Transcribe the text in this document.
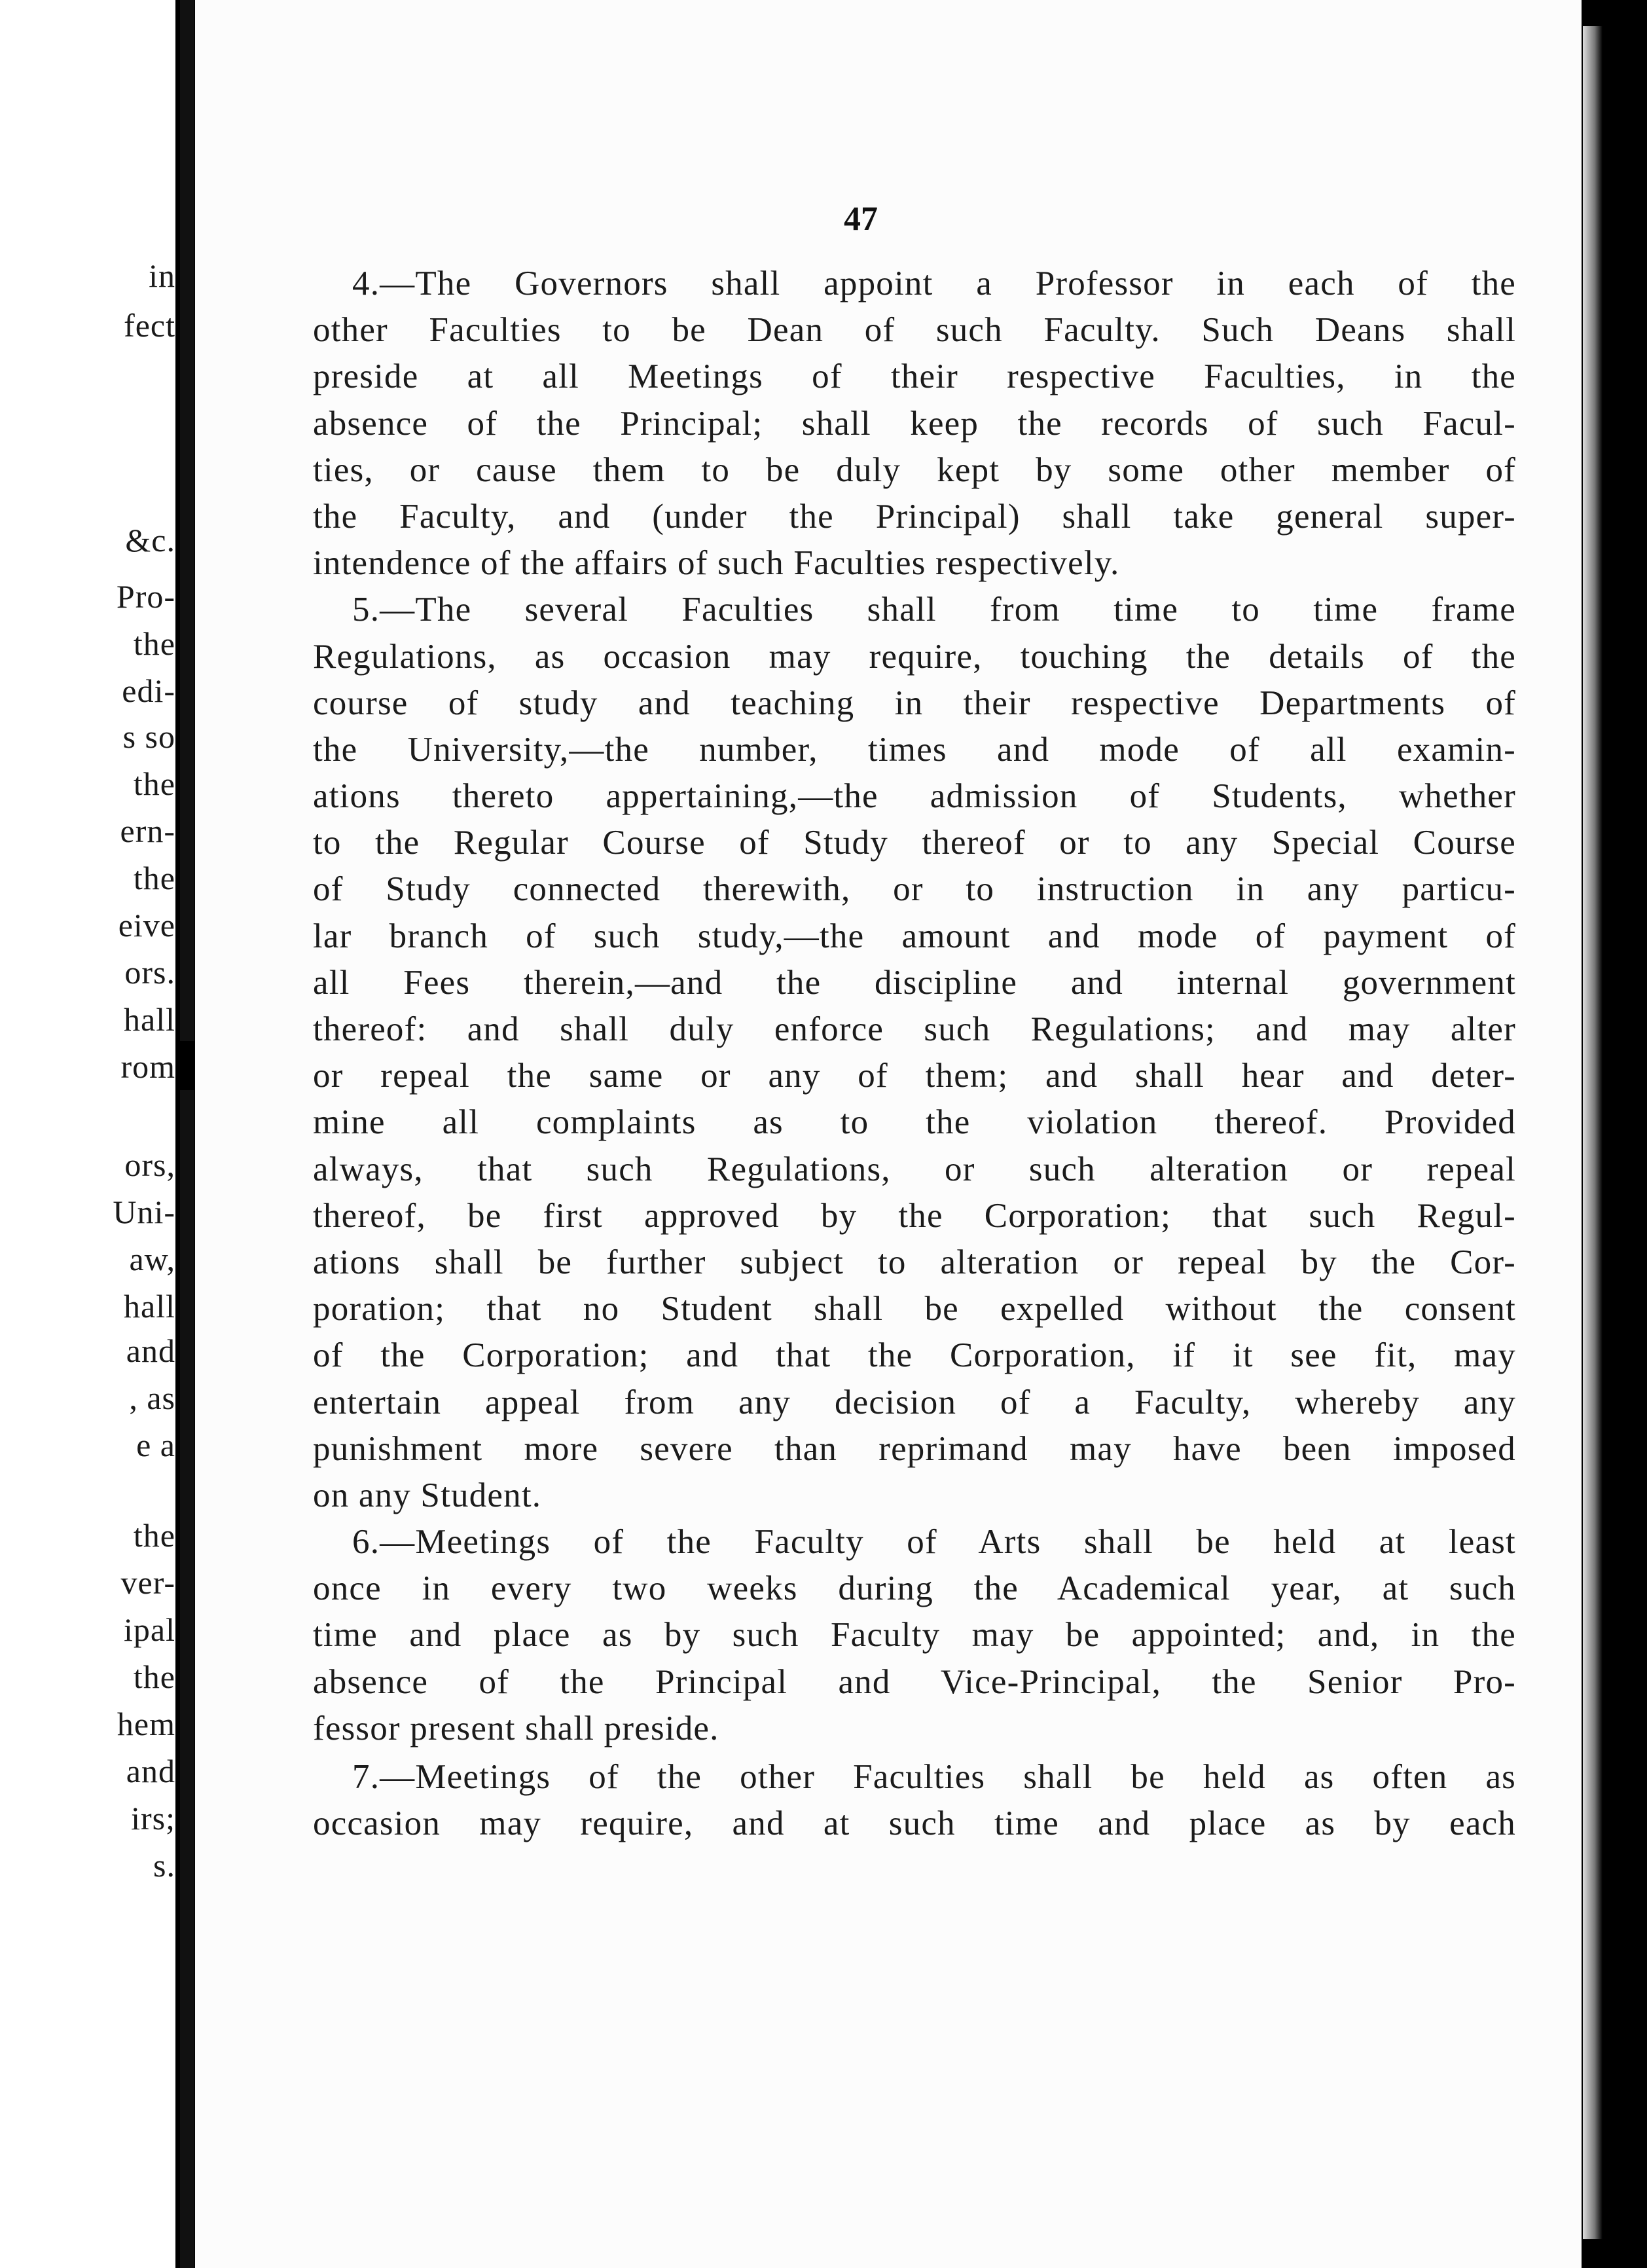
in
fect
&c.
Pro-
the
edi-
s so
the
ern-
the
eive
ors.
hall
rom
ors,
Uni-
aw,
hall
and
, as
e a
the
ver-
ipal
the
hem
and
irs;
s.
47
4.—The Governors shall appoint a Professor in each of the
other Faculties to be Dean of such Faculty. Such Deans shall
preside at all Meetings of their respective Faculties, in the
absence of the Principal; shall keep the records of such Facul-
ties, or cause them to be duly kept by some other member of
the Faculty, and (under the Principal) shall take general super-
intendence of the affairs of such Faculties respectively.
5.—The several Faculties shall from time to time frame
Regulations, as occasion may require, touching the details of the
course of study and teaching in their respective Departments of
the University,—the number, times and mode of all examin-
ations thereto appertaining,—the admission of Students, whether
to the Regular Course of Study thereof or to any Special Course
of Study connected therewith, or to instruction in any particu-
lar branch of such study,—the amount and mode of payment of
all Fees therein,—and the discipline and internal government
thereof: and shall duly enforce such Regulations; and may alter
or repeal the same or any of them; and shall hear and deter-
mine all complaints as to the violation thereof. Provided
always, that such Regulations, or such alteration or repeal
thereof, be first approved by the Corporation; that such Regul-
ations shall be further subject to alteration or repeal by the Cor-
poration; that no Student shall be expelled without the consent
of the Corporation; and that the Corporation, if it see fit, may
entertain appeal from any decision of a Faculty, whereby any
punishment more severe than reprimand may have been imposed
on any Student.
6.—Meetings of the Faculty of Arts shall be held at least
once in every two weeks during the Academical year, at such
time and place as by such Faculty may be appointed; and, in the
absence of the Principal and Vice-Principal, the Senior Pro-
fessor present shall preside.
7.—Meetings of the other Faculties shall be held as often as
occasion may require, and at such time and place as by each
